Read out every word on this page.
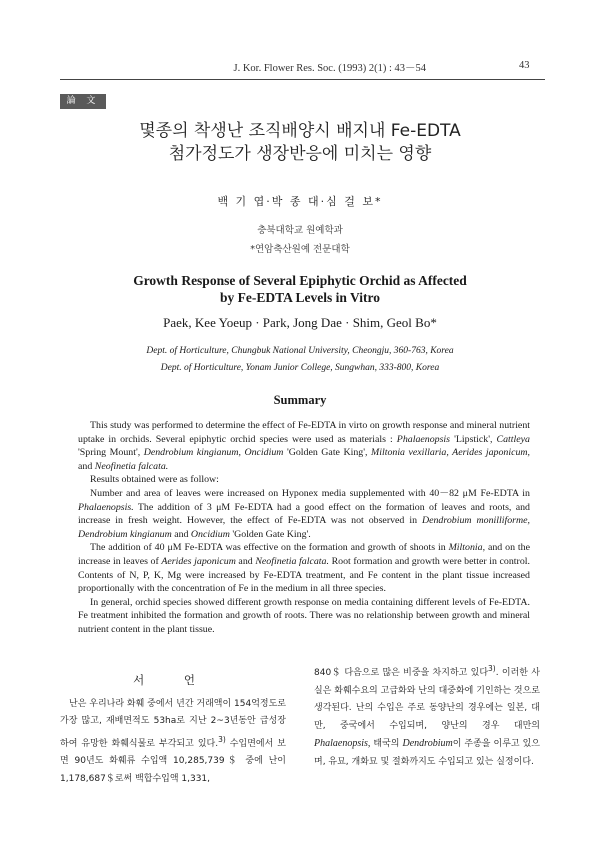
J. Kor. Flower Res. Soc. (1993) 2(1) : 43－54	43
論 文
몇종의 착생난 조직배양시 배지내 Fe-EDTA
첨가정도가 생장반응에 미치는 영향
백 기 엽·박 종 대·심 걸 보*
충북대학교 원예학과
*연암축산원예 전문대학
Growth Response of Several Epiphytic Orchid as Affected
by Fe-EDTA Levels in Vitro
Paek, Kee Yoeup · Park, Jong Dae · Shim, Geol Bo*
Dept. of Horticulture, Chungbuk National University, Cheongju, 360-763, Korea
Dept. of Horticulture, Yonam Junior College, Sungwhan, 333-800, Korea
Summary

This study was performed to determine the effect of Fe-EDTA in virto on growth response and mineral nutrient uptake in orchids. Several epiphytic orchid species were used as materials : Phalaenopsis 'Lipstick', Cattleya 'Spring Mount', Dendrobium kingianum, Oncidium 'Golden Gate King', Miltonia vexillaria, Aerides japonicum, and Neofinetia falcata.

Results obtained were as follow:

Number and area of leaves were increased on Hyponex media supplemented with 40－82 μM Fe-EDTA in Phalaenopsis. The addition of 3 μM Fe-EDTA had a good effect on the formation of leaves and roots, and increase in fresh weight. However, the effect of Fe-EDTA was not observed in Dendrobium monilliforme, Dendrobium kingianum and Oncidium 'Golden Gate King'.

The addition of 40 μM Fe-EDTA was effective on the formation and growth of shoots in Miltonia, and on the increase in leaves of Aerides japonicum and Neofinetia falcata. Root formation and growth were better in control. Contents of N, P, K, Mg were increased by Fe-EDTA treatment, and Fe content in the plant tissue increased proportionally with the concentration of Fe in the medium in all three species.

In general, orchid species showed different growth response on media containing different levels of Fe-EDTA. Fe treatment inhibited the formation and growth of roots. There was no relationship between growth and mineral nutrient content in the plant tissue.

서 언

난은 우리나라 화훼 중에서 년간 거래액이 154억정도로 가장 많고, 재배면적도 53ha로 지난 2~3년동안 급성장하여 유망한 화훼식물로 부각되고 있다.$^{3)}$ 수입면에서 보면 90년도 화훼류 수입액 10,285,739＄ 중에 난이 1,178,687＄로써 백합수입액 1,331,

840＄ 다음으로 많은 비중을 차지하고 있다$^{3)}$. 이러한 사실은 화훼수요의 고급화와 난의 대중화에 기인하는 것으로 생각된다. 난의 수입은 주로 동양난의 경우에는 일본, 대만, 중국에서 수입되며, 양난의 경우 대만의 Phalaenopsis, 태국의 Dendrobium이 주종을 이루고 있으며, 유묘, 개화묘 및 절화까지도 수입되고 있는 실정이다.
